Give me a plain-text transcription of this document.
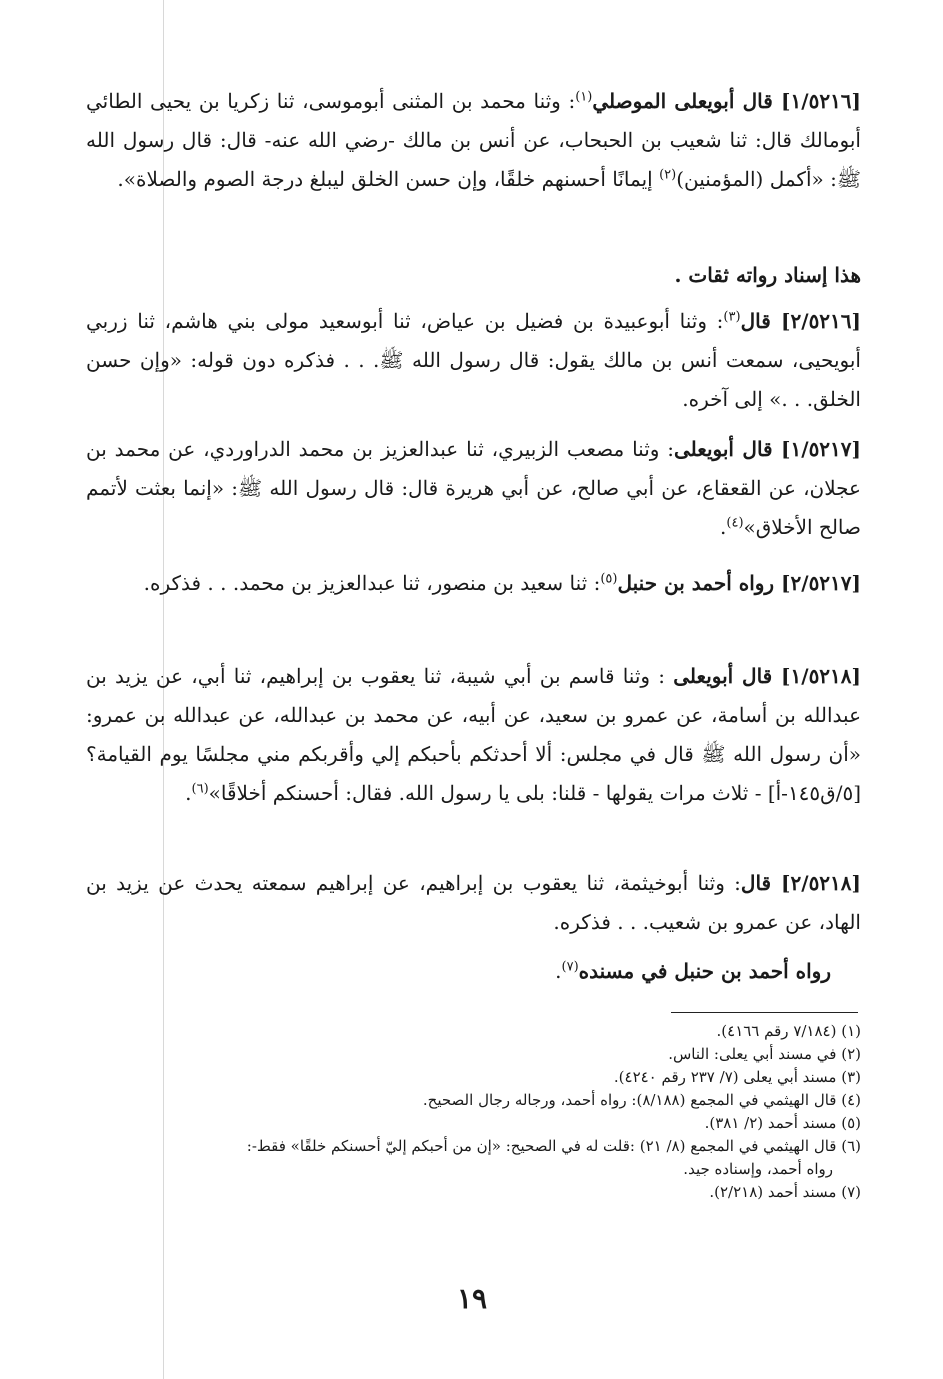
[١/٥٢١٦] قال أبويعلى الموصلي$^{(١)}$: وثنا محمد بن المثنى أبوموسى، ثنا زكريا بن يحيى الطائي أبومالك قال: ثنا شعيب بن الحبحاب، عن أنس بن مالك -رضي الله عنه- قال: قال رسول الله ﷺ: «أكمل (المؤمنين)$^{(٢)}$ إيمانًا أحسنهم خلقًا، وإن حسن الخلق ليبلغ درجة الصوم والصلاة».

هذا إسناد رواته ثقات .

[٢/٥٢١٦] قال$^{(٣)}$: وثنا أبوعبيدة بن فضيل بن عياض، ثنا أبوسعيد مولى بني هاشم، ثنا زربي أبويحيى، سمعت أنس بن مالك يقول: قال رسول الله ﷺ. . . فذكره دون قوله: «وإن حسن الخلق. . .» إلى آخره.

[١/٥٢١٧] قال أبويعلى: وثنا مصعب الزبيري، ثنا عبدالعزيز بن محمد الدراوردي، عن محمد بن عجلان، عن القعقاع، عن أبي صالح، عن أبي هريرة قال: قال رسول الله ﷺ: «إنما بعثت لأتمم صالح الأخلاق»$^{(٤)}$.

[٢/٥٢١٧] رواه أحمد بن حنبل$^{(٥)}$: ثنا سعيد بن منصور، ثنا عبدالعزيز بن محمد. . . فذكره.

[١/٥٢١٨] قال أبويعلى : وثنا قاسم بن أبي شيبة، ثنا يعقوب بن إبراهيم، ثنا أبي، عن يزيد بن عبدالله بن أسامة، عن عمرو بن سعيد، عن أبيه، عن محمد بن عبدالله، عن عبدالله بن عمرو: «أن رسول الله ﷺ قال في مجلس: ألا أحدثكم بأحبكم إلي وأقربكم مني مجلسًا يوم القيامة؟ [٥/ق١٤٥-أ] - ثلاث مرات يقولها - قلنا: بلى يا رسول الله. فقال: أحسنكم أخلاقًا»$^{(٦)}$.

[٢/٥٢١٨] قال: وثنا أبوخيثمة، ثنا يعقوب بن إبراهيم، عن إبراهيم سمعته يحدث عن يزيد بن الهاد، عن عمرو بن شعيب. . . فذكره.

رواه أحمد بن حنبل في مسنده$^{(٧)}$.

(١) (٧/١٨٤ رقم ٤١٦٦).

(٢) في مسند أبي يعلى: الناس.

(٣) مسند أبي يعلى (٧/ ٢٣٧ رقم ٤٢٤٠).

(٤) قال الهيثمي في المجمع (٨/١٨٨): رواه أحمد، ورجاله رجال الصحيح.

(٥) مسند أحمد (٢/ ٣٨١).

(٦) قال الهيثمي في المجمع (٨/ ٢١) :قلت له في الصحيح: «إن من أحبكم إليّ أحسنكم خلقًا» فقط-:

رواه أحمد، وإسناده جيد.

(٧) مسند أحمد (٢/٢١٨).

١٩
